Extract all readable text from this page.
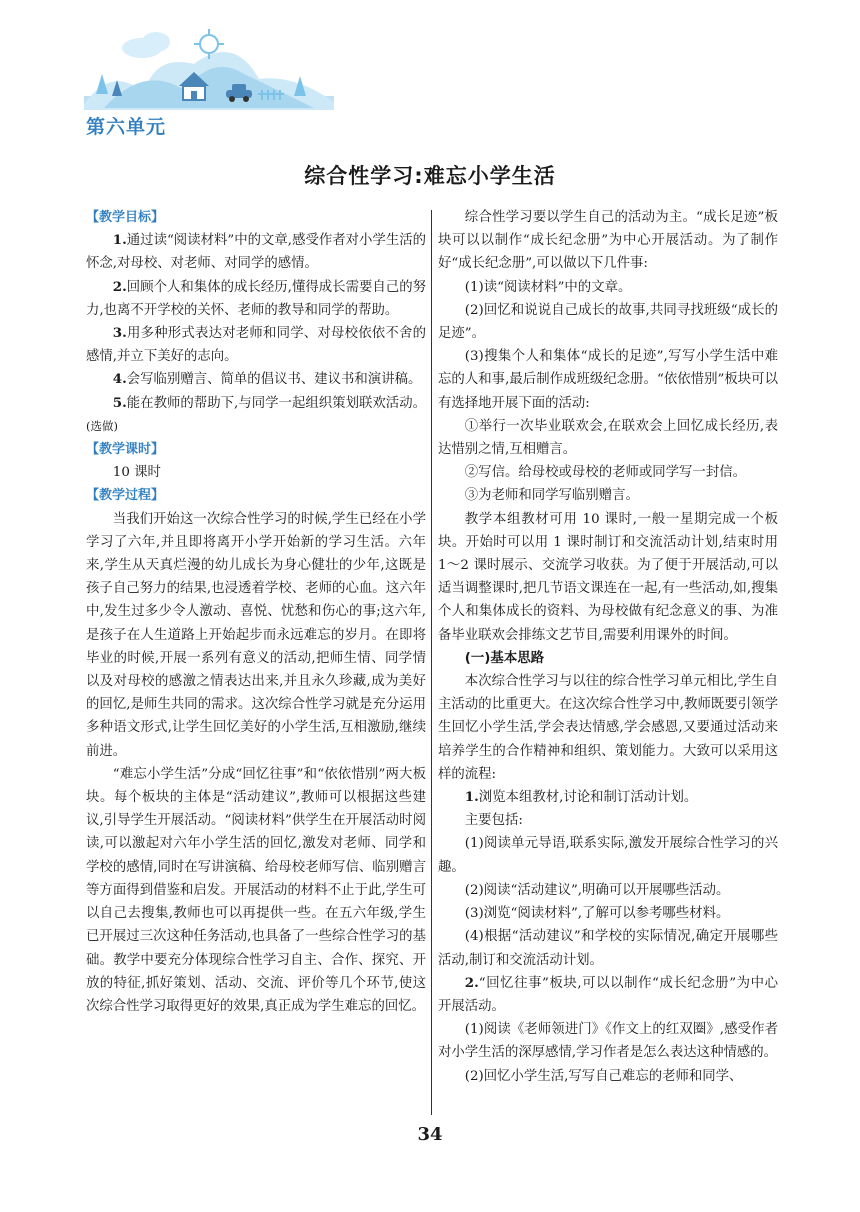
第六单元
综合性学习:难忘小学生活

【教学目标】

1.通过读“阅读材料”中的文章,感受作者对小学生活的怀念,对母校、对老师、对同学的感情。

2.回顾个人和集体的成长经历,懂得成长需要自己的努力,也离不开学校的关怀、老师的教导和同学的帮助。

3.用多种形式表达对老师和同学、对母校依依不舍的感情,并立下美好的志向。

4.会写临别赠言、简单的倡议书、建议书和演讲稿。

5.能在教师的帮助下,与同学一起组织策划联欢活动。(选做)

【教学课时】

10 课时

【教学过程】

当我们开始这一次综合性学习的时候,学生已经在小学学习了六年,并且即将离开小学开始新的学习生活。六年来,学生从天真烂漫的幼儿成长为身心健壮的少年,这既是孩子自己努力的结果,也浸透着学校、老师的心血。这六年中,发生过多少令人激动、喜悦、忧愁和伤心的事;这六年,是孩子在人生道路上开始起步而永远难忘的岁月。在即将毕业的时候,开展一系列有意义的活动,把师生情、同学情以及对母校的感激之情表达出来,并且永久珍藏,成为美好的回忆,是师生共同的需求。这次综合性学习就是充分运用多种语文形式,让学生回忆美好的小学生活,互相激励,继续前进。

“难忘小学生活”分成“回忆往事”和“依依惜别”两大板块。每个板块的主体是“活动建议”,教师可以根据这些建议,引导学生开展活动。“阅读材料”供学生在开展活动时阅读,可以激起对六年小学生活的回忆,激发对老师、同学和学校的感情,同时在写讲演稿、给母校老师写信、临别赠言等方面得到借鉴和启发。开展活动的材料不止于此,学生可以自己去搜集,教师也可以再提供一些。在五六年级,学生已开展过三次这种任务活动,也具备了一些综合性学习的基础。教学中要充分体现综合性学习自主、合作、探究、开放的特征,抓好策划、活动、交流、评价等几个环节,使这次综合性学习取得更好的效果,真正成为学生难忘的回忆。

综合性学习要以学生自己的活动为主。“成长足迹”板块可以以制作“成长纪念册”为中心开展活动。为了制作好“成长纪念册”,可以做以下几件事:

(1)读“阅读材料”中的文章。

(2)回忆和说说自己成长的故事,共同寻找班级“成长的足迹”。

(3)搜集个人和集体“成长的足迹”,写写小学生活中难忘的人和事,最后制作成班级纪念册。“依依惜别”板块可以有选择地开展下面的活动:

①举行一次毕业联欢会,在联欢会上回忆成长经历,表达惜别之情,互相赠言。

②写信。给母校或母校的老师或同学写一封信。

③为老师和同学写临别赠言。

教学本组教材可用 10 课时,一般一星期完成一个板块。开始时可以用 1 课时制订和交流活动计划,结束时用 1～2 课时展示、交流学习收获。为了便于开展活动,可以适当调整课时,把几节语文课连在一起,有一些活动,如,搜集个人和集体成长的资料、为母校做有纪念意义的事、为准备毕业联欢会排练文艺节目,需要利用课外的时间。

(一)基本思路

本次综合性学习与以往的综合性学习单元相比,学生自主活动的比重更大。在这次综合性学习中,教师既要引领学生回忆小学生活,学会表达情感,学会感恩,又要通过活动来培养学生的合作精神和组织、策划能力。大致可以采用这样的流程:

1.浏览本组教材,讨论和制订活动计划。

主要包括:

(1)阅读单元导语,联系实际,激发开展综合性学习的兴趣。

(2)阅读“活动建议”,明确可以开展哪些活动。

(3)浏览“阅读材料”,了解可以参考哪些材料。

(4)根据“活动建议”和学校的实际情况,确定开展哪些活动,制订和交流活动计划。

2.“回忆往事”板块,可以以制作“成长纪念册”为中心开展活动。

(1)阅读《老师领进门》《作文上的红双圈》,感受作者对小学生活的深厚感情,学习作者是怎么表达这种情感的。

(2)回忆小学生活,写写自己难忘的老师和同学、

34
